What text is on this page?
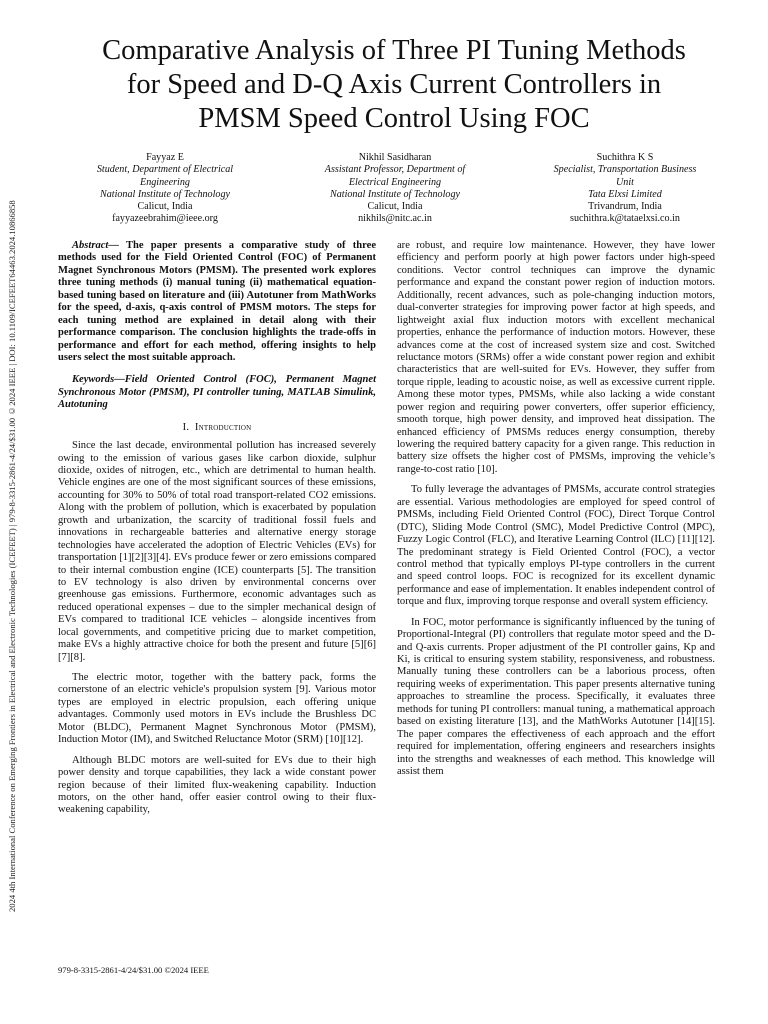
2024 4th International Conference on Emerging Frontiers in Electrical and Electronic Technologies (ICEFEET) | 979-8-3315-2861-4/24/$31.00 ©2024 IEEE | DOI: 10.1109/ICEFEET64463.2024.10866858
Comparative Analysis of Three PI Tuning Methods
for Speed and D-Q Axis Current Controllers in
PMSM Speed Control Using FOC
Fayyaz E
Student, Department of Electrical
Engineering
National Institute of Technology
Calicut, India
fayyazeebrahim@ieee.org
Nikhil Sasidharan
Assistant Professor, Department of
Electrical Engineering
National Institute of Technology
Calicut, India
nikhils@nitc.ac.in
Suchithra K S
Specialist, Transportation Business
Unit
Tata Elxsi Limited
Trivandrum, India
suchithra.k@tataelxsi.co.in

Abstract— The paper presents a comparative study of three methods used for the Field Oriented Control (FOC) of Permanent Magnet Synchronous Motors (PMSM). The presented work explores three tuning methods (i) manual tuning (ii) mathematical equation-based tuning based on literature and (iii) Autotuner from MathWorks for the speed, d-axis, q-axis control of PMSM motors. The steps for each tuning method are explained in detail along with their performance comparison. The conclusion highlights the trade-offs in performance and effort for each method, offering insights to help users select the most suitable approach.

Keywords—Field Oriented Control (FOC), Permanent Magnet Synchronous Motor (PMSM), PI controller tuning, MATLAB Simulink, Autotuning

I. Introduction

Since the last decade, environmental pollution has increased severely owing to the emission of various gases like carbon dioxide, sulphur dioxide, oxides of nitrogen, etc., which are detrimental to human health. Vehicle engines are one of the most significant sources of these emissions, accounting for 30% to 50% of total road transport-related CO2 emissions. Along with the problem of pollution, which is exacerbated by population growth and urbanization, the scarcity of traditional fossil fuels and innovations in rechargeable batteries and alternative energy storage technologies have accelerated the adoption of Electric Vehicles (EVs) for transportation [1][2][3][4]. EVs produce fewer or zero emissions compared to their internal combustion engine (ICE) counterparts [5]. The transition to EV technology is also driven by environmental concerns over greenhouse gas emissions. Furthermore, economic advantages such as reduced operational expenses – due to the simpler mechanical design of EVs compared to traditional ICE vehicles – alongside incentives from local governments, and competitive pricing due to market competition, make EVs a highly attractive choice for both the present and future [5][6][7][8].

The electric motor, together with the battery pack, forms the cornerstone of an electric vehicle's propulsion system [9]. Various motor types are employed in electric propulsion, each offering unique advantages. Commonly used motors in EVs include the Brushless DC Motor (BLDC), Permanent Magnet Synchronous Motor (PMSM), Induction Motor (IM), and Switched Reluctance Motor (SRM) [10][12].

Although BLDC motors are well-suited for EVs due to their high power density and torque capabilities, they lack a wide constant power region because of their limited flux-weakening capability. Induction motors, on the other hand, offer easier control owing to their flux-weakening capability,

are robust, and require low maintenance. However, they have lower efficiency and perform poorly at high power factors under high-speed conditions. Vector control techniques can improve the dynamic performance and expand the constant power region of induction motors. Additionally, recent advances, such as pole-changing induction motors, dual-converter strategies for improving power factor at high speeds, and lightweight axial flux induction motors with excellent mechanical properties, enhance the performance of induction motors. However, these advances come at the cost of increased system size and cost. Switched reluctance motors (SRMs) offer a wide constant power region and exhibit characteristics that are well-suited for EVs. However, they suffer from torque ripple, leading to acoustic noise, as well as excessive current ripple. Among these motor types, PMSMs, while also lacking a wide constant power region and requiring power converters, offer superior efficiency, smooth torque, high power density, and improved heat dissipation. The enhanced efficiency of PMSMs reduces energy consumption, thereby lowering the required battery capacity for a given range. This reduction in battery size offsets the higher cost of PMSMs, improving the vehicle’s range-to-cost ratio [10].

To fully leverage the advantages of PMSMs, accurate control strategies are essential. Various methodologies are employed for speed control of PMSMs, including Field Oriented Control (FOC), Direct Torque Control (DTC), Sliding Mode Control (SMC), Model Predictive Control (MPC), Fuzzy Logic Control (FLC), and Iterative Learning Control (ILC) [11][12]. The predominant strategy is Field Oriented Control (FOC), a vector control method that typically employs PI-type controllers in the current and speed control loops. FOC is recognized for its excellent dynamic performance and ease of implementation. It enables independent control of torque and flux, improving torque response and overall system efficiency.

In FOC, motor performance is significantly influenced by the tuning of Proportional-Integral (PI) controllers that regulate motor speed and the D- and Q-axis currents. Proper adjustment of the PI controller gains, Kp and Ki, is critical to ensuring system stability, responsiveness, and robustness. Manually tuning these controllers can be a laborious process, often requiring weeks of experimentation. This paper presents alternative tuning approaches to streamline the process. Specifically, it evaluates three methods for tuning PI controllers: manual tuning, a mathematical approach based on existing literature [13], and the MathWorks Autotuner [14][15]. The paper compares the effectiveness of each approach and the effort required for implementation, offering engineers and researchers insights into the strengths and weaknesses of each method. This knowledge will assist them

979-8-3315-2861-4/24/$31.00 ©2024 IEEE
